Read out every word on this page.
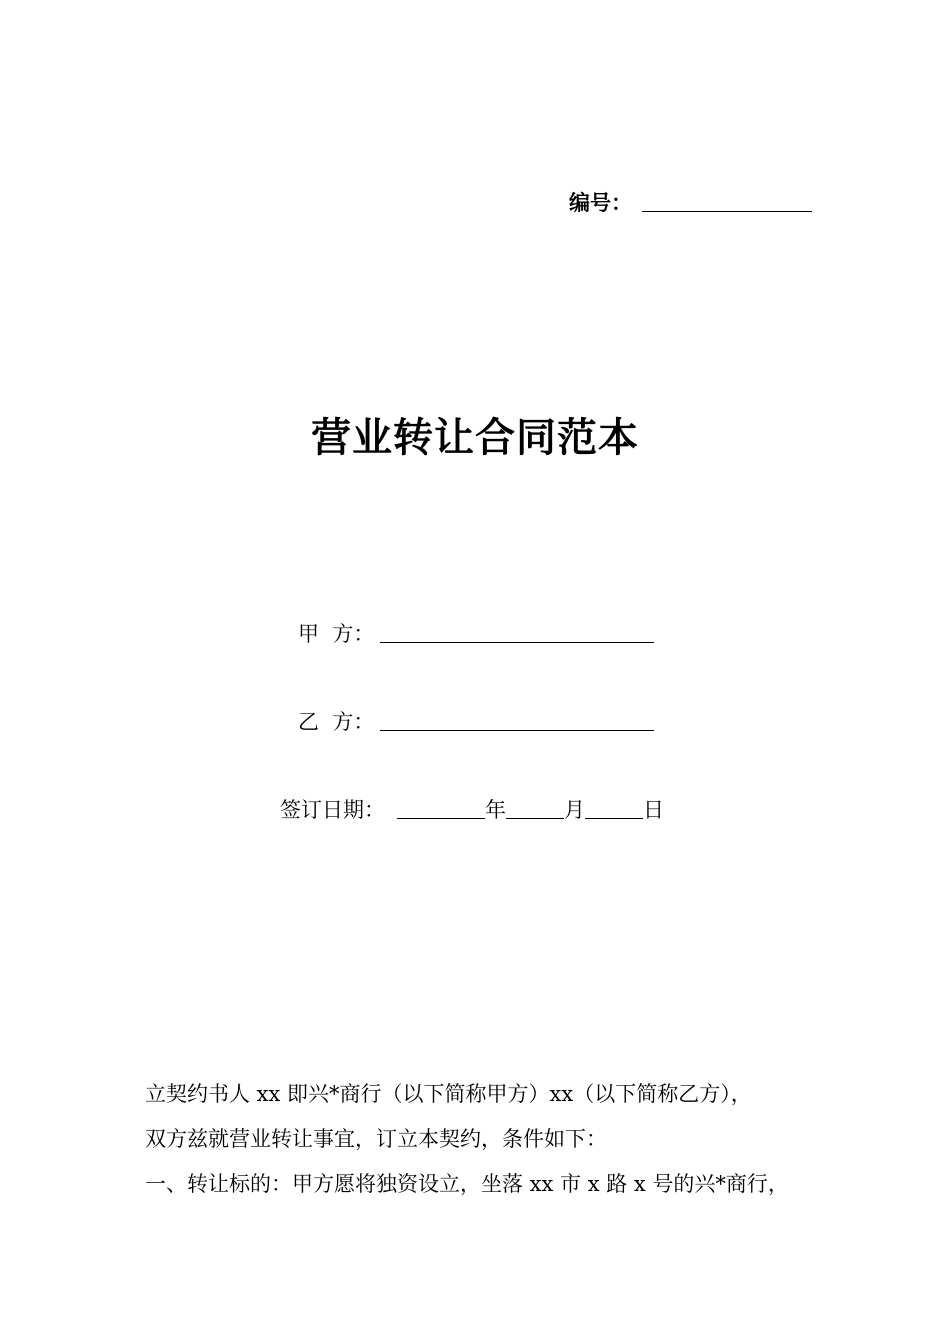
编号：
营业转让合同范本
甲  方：
乙  方：
签订日期：	年	月	日

立契约书人 xx 即兴*商行（以下简称甲方）xx（以下简称乙方），

双方兹就营业转让事宜，订立本契约，条件如下：

一、转让标的：甲方愿将独资设立，坐落 xx 市 x 路 x 号的兴*商行，
